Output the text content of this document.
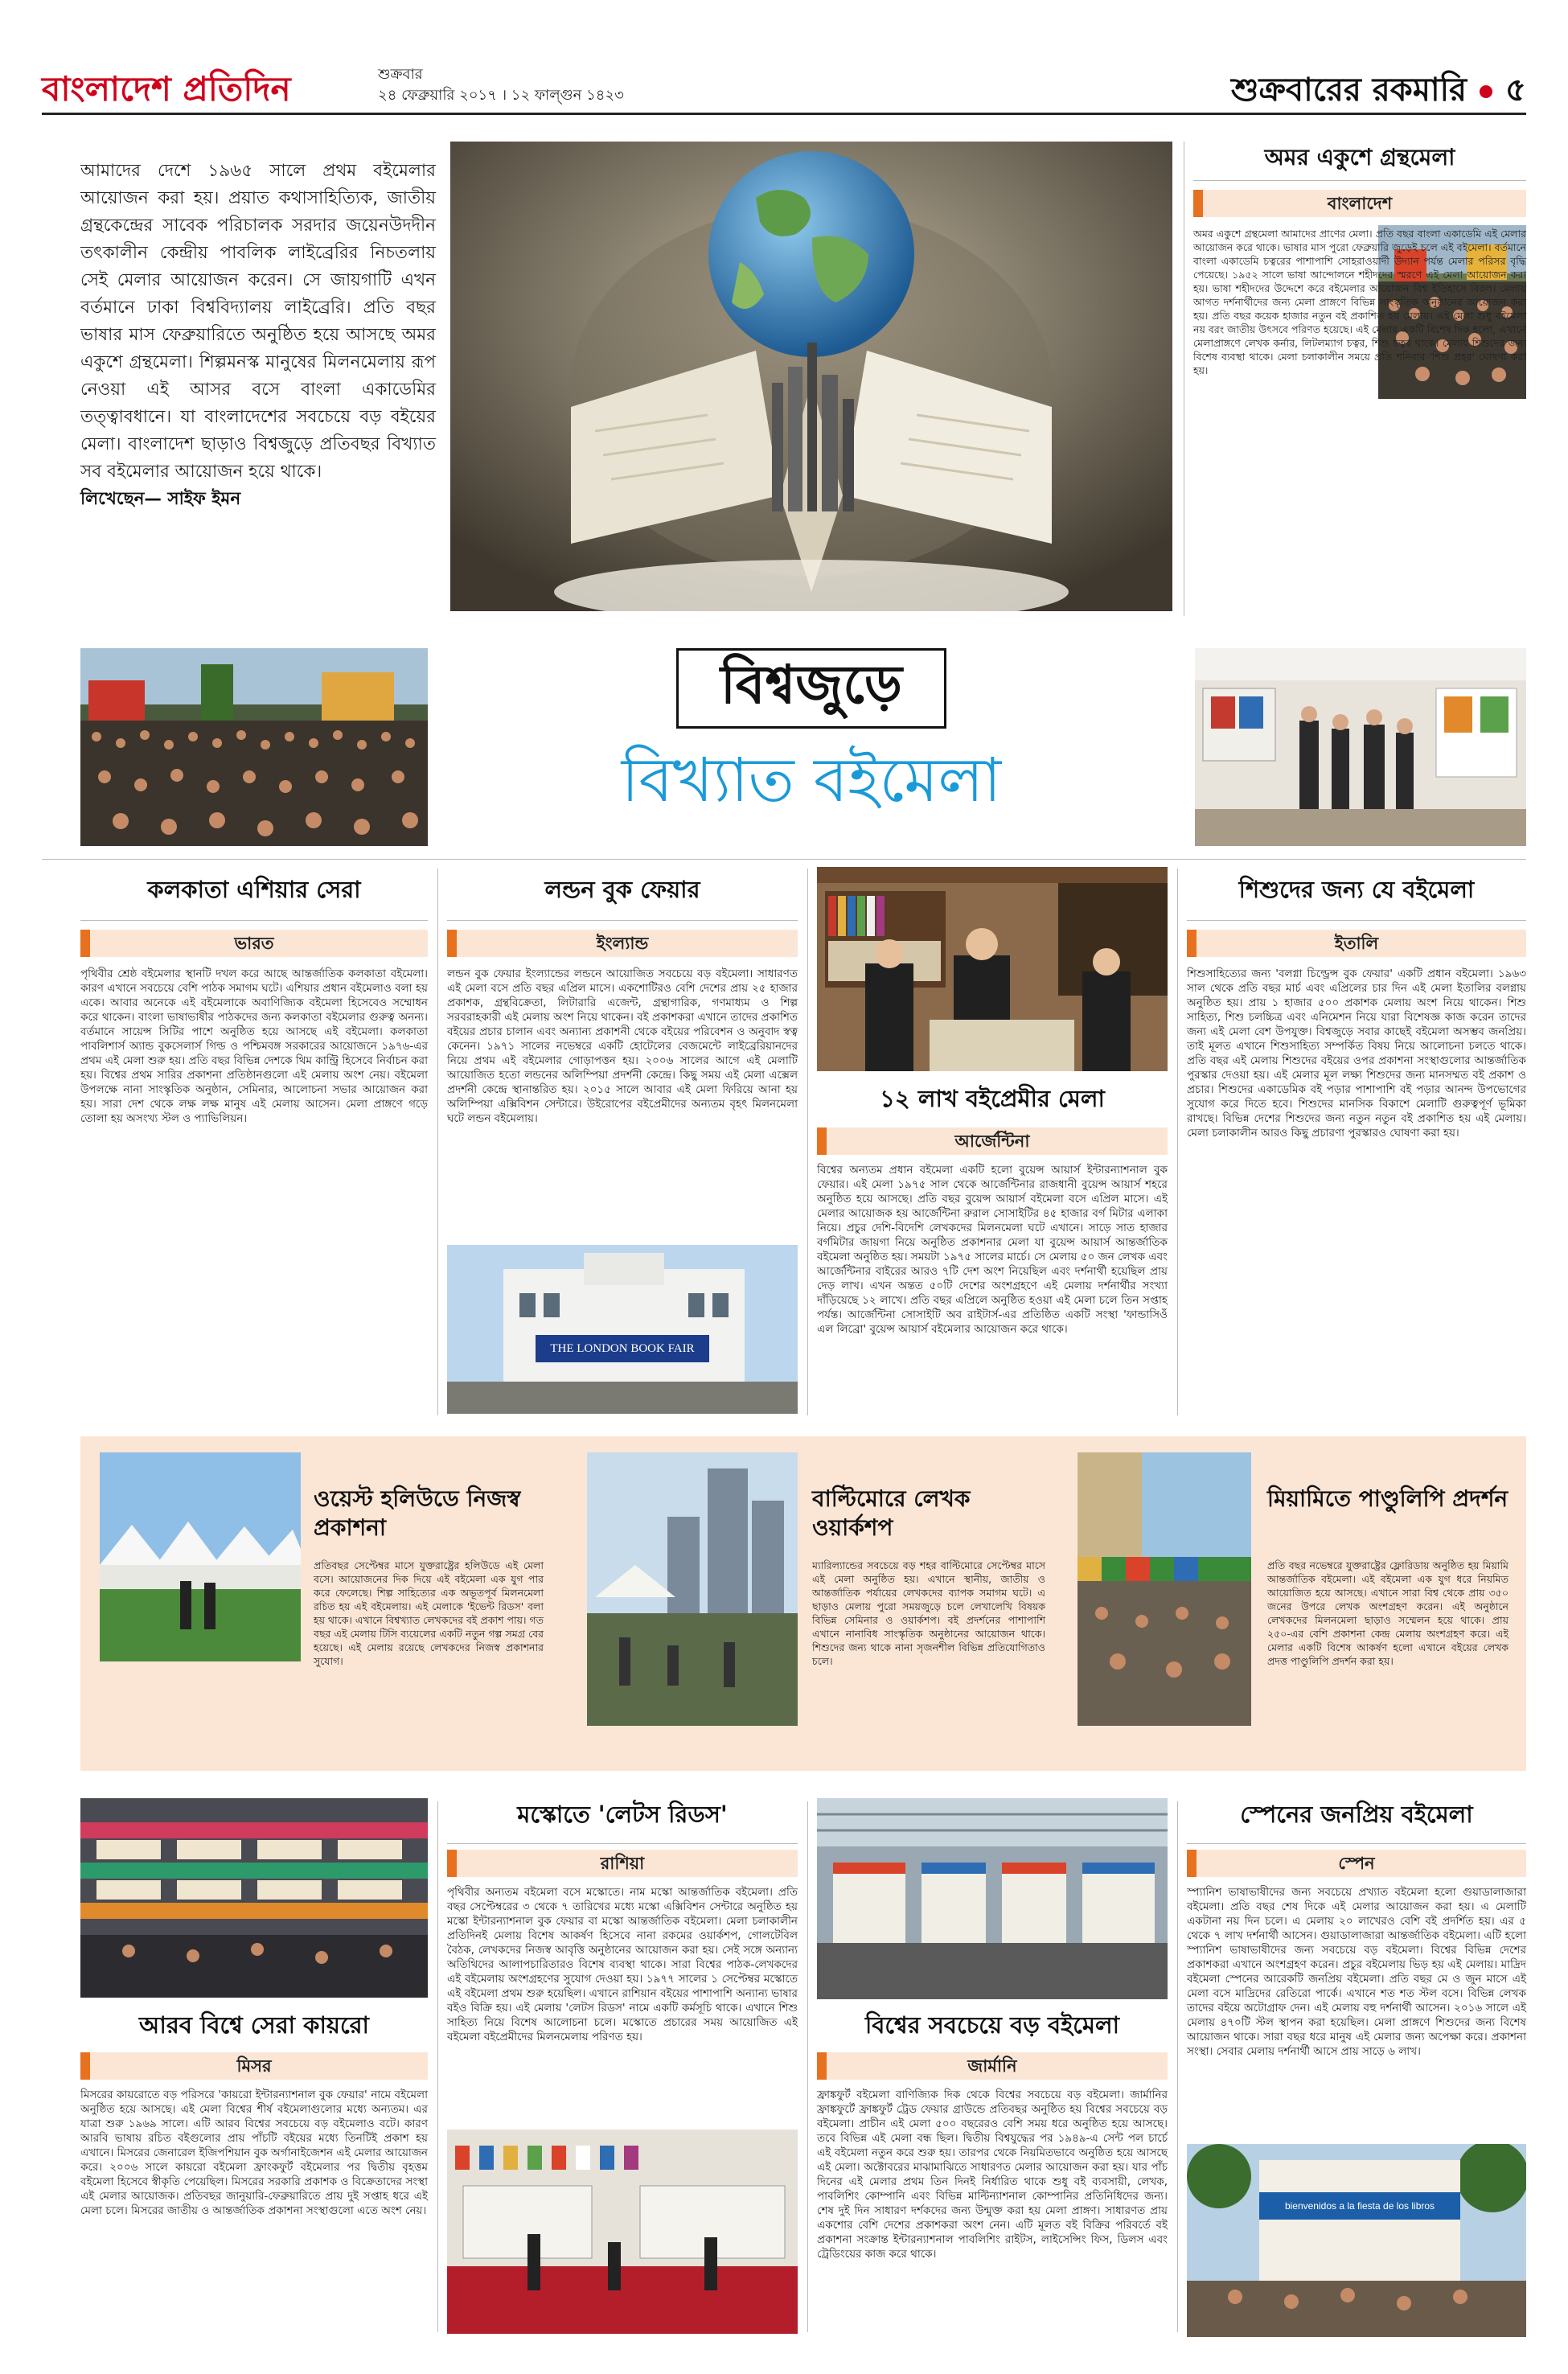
বাংলাদেশ প্রতিদিন	শুক্রবার
২৪ ফেব্রুয়ারি ২০১৭ । ১২ ফাল্গুন ১৪২৩	শুক্রবারের রকমারি ৫

আমাদের দেশে ১৯৬৫ সালে প্রথম বইমেলার আয়োজন করা হয়। প্রয়াত কথাসাহিত্যিক, জাতীয় গ্রন্থকেন্দ্রের সাবেক পরিচালক সরদার জয়েনউদদীন তৎকালীন কেন্দ্রীয় পাবলিক লাইব্রেরির নিচতলায় সেই মেলার আয়োজন করেন। সে জায়গাটি এখন বর্তমানে ঢাকা বিশ্ববিদ্যালয় লাইব্রেরি। প্রতি বছর ভাষার মাস ফেব্রুয়ারিতে অনুষ্ঠিত হয়ে আসছে অমর একুশে গ্রন্থমেলা। শিল্পমনস্ক মানুষের মিলনমেলায় রূপ নেওয়া এই আসর বসে বাংলা একাডেমির তত্ত্বাবধানে। যা বাংলাদেশের সবচেয়ে বড় বইয়ের মেলা। বাংলাদেশ ছাড়াও বিশ্বজুড়ে প্রতিবছর বিখ্যাত সব বইমেলার আয়োজন হয়ে থাকে।

লিখেছেন— সাইফ ইমন

অমর একুশে গ্রন্থমেলা
বাংলাদেশ

অমর একুশে গ্রন্থমেলা আমাদের প্রাণের মেলা। প্রতি বছর বাংলা একাডেমি এই মেলার আয়োজন করে থাকে। ভাষার মাস পুরো ফেব্রুয়ারি জুড়েই চলে এই বইমেলা। বর্তমানে বাংলা একাডেমি চত্বরের পাশাপাশি সোহরাওয়ার্দী উদ্যান পর্যন্ত মেলার পরিসর বৃদ্ধি পেয়েছে। ১৯৫২ সালে ভাষা আন্দোলনে শহীদদের স্মরণে এই মেলা আয়োজন করা হয়। ভাষা শহীদদের উদ্দেশে করে বইমেলার আয়োজন বিশ্ব ইতিহাসে বিরল। মেলায় আগত দর্শনার্থীদের জন্য মেলা প্রাঙ্গণে বিভিন্ন সাংস্কৃতিক অনুষ্ঠানের আয়োজন করা হয়। প্রতি বছর কয়েক হাজার নতুন বই প্রকাশিত হয় মেলায়। এই মেলা শুধু বইমেলা নয় বরং জাতীয় উৎসবে পরিণত হয়েছে। এই মেলার একটি বিশেষ দিক হলো, এখানে মেলাপ্রাঙ্গণে লেখক কর্নার, লিটলম্যাগ চত্বর, শিশু চত্বর থাকে। মেলায় শিশুদের জন্য বিশেষ ব্যবস্থা থাকে। মেলা চলাকালীন সময়ে প্রতি শনিবার 'শিশু প্রহর' ঘোষণা করা হয়।

বিশ্বজুড়ে
বিখ্যাত বইমেলা
কলকাতা এশিয়ার সেরা
ভারত

পৃথিবীর শ্রেষ্ঠ বইমেলার স্থানটি দখল করে আছে আন্তর্জাতিক কলকাতা বইমেলা। কারণ এখানে সবচেয়ে বেশি পাঠক সমাগম ঘটে। এশিয়ার প্রধান বইমেলাও বলা হয় একে। আবার অনেকে এই বইমেলাকে অবাণিজ্যিক বইমেলা হিসেবেও সম্মোধন করে থাকেন। বাংলা ভাষাভাষীর পাঠকদের জন্য কলকাতা বইমেলার গুরুত্ব অনন্য। বর্তমানে সায়েন্স সিটির পাশে অনুষ্ঠিত হয়ে আসছে এই বইমেলা। কলকাতা পাবলিশার্স অ্যান্ড বুকসেলার্স গিল্ড ও পশ্চিমবঙ্গ সরকারের আয়োজনে ১৯৭৬-এর প্রথম এই মেলা শুরু হয়। প্রতি বছর বিভিন্ন দেশকে থিম কান্ট্রি হিসেবে নির্বাচন করা হয়। বিশ্বের প্রথম সারির প্রকাশনা প্রতিষ্ঠানগুলো এই মেলায় অংশ নেয়। বইমেলা উপলক্ষে নানা সাংস্কৃতিক অনুষ্ঠান, সেমিনার, আলোচনা সভার আয়োজন করা হয়। সারা দেশ থেকে লক্ষ লক্ষ মানুষ এই মেলায় আসেন। মেলা প্রাঙ্গণে গড়ে তোলা হয় অসংখ্য স্টল ও প্যাভিলিয়ন।

লন্ডন বুক ফেয়ার
ইংল্যান্ড

লন্ডন বুক ফেয়ার ইংল্যান্ডের লন্ডনে আয়োজিত সবচেয়ে বড় বইমেলা। সাধারণত এই মেলা বসে প্রতি বছর এপ্রিল মাসে। একশোটিরও বেশি দেশের প্রায় ২৫ হাজার প্রকাশক, গ্রন্থবিক্রেতা, লিটারারি এজেন্ট, গ্রন্থাগারিক, গণমাধ্যম ও শিল্প সরবরাহকারী এই মেলায় অংশ নিয়ে থাকেন। বই প্রকাশকরা এখানে তাদের প্রকাশিত বইয়ের প্রচার চালান এবং অন্যান্য প্রকাশনী থেকে বইয়ের পরিবেশন ও অনুবাদ স্বত্ব কেনেন। ১৯৭১ সালের নভেম্বরে একটি হোটেলের বেজমেন্টে লাইব্রেরিয়ানদের নিয়ে প্রথম এই বইমেলার গোড়াপত্তন হয়। ২০০৬ সালের আগে এই মেলাটি আয়োজিত হতো লন্ডনের অলিম্পিয়া প্রদর্শনী কেন্দ্রে। কিছু সময় এই মেলা এক্সেল প্রদর্শনী কেন্দ্রে স্থানান্তরিত হয়। ২০১৫ সালে আবার এই মেলা ফিরিয়ে আনা হয় অলিম্পিয়া এক্সিবিশন সেন্টারে। উইরোপের বইপ্রেমীদের অন্যতম বৃহৎ মিলনমেলা ঘটে লন্ডন বইমেলায়।

THE LONDON BOOK FAIR
১২ লাখ বইপ্রেমীর মেলা
আর্জেন্টিনা

বিশ্বের অন্যতম প্রধান বইমেলা একটি হলো বুয়েন্স আয়ার্স ইন্টারন্যাশনাল বুক ফেয়ার। এই মেলা ১৯৭৫ সাল থেকে আর্জেন্টিনার রাজধানী বুয়েন্স আয়ার্স শহরে অনুষ্ঠিত হয়ে আসছে। প্রতি বছর বুয়েন্স আয়ার্স বইমেলা বসে এপ্রিল মাসে। এই মেলার আয়োজক হয় আর্জেন্টিনা রুরাল সোসাইটির ৪৫ হাজার বর্গ মিটার এলাকা নিয়ে। প্রচুর দেশি-বিদেশি লেখকদের মিলনমেলা ঘটে এখানে। সাড়ে সাত হাজার বর্গমিটার জায়গা নিয়ে অনুষ্ঠিত প্রকাশনার মেলা যা বুয়েন্স আয়ার্স আন্তর্জাতিক বইমেলা অনুষ্ঠিত হয়। সময়টা ১৯৭৫ সালের মার্চে। সে মেলায় ৫০ জন লেখক এবং আর্জেন্টিনার বাইরের আরও ৭টি দেশ অংশ নিয়েছিল এবং দর্শনার্থী হয়েছিল প্রায় দেড় লাখ। এখন অন্তত ৫০টি দেশের অংশগ্রহণে এই মেলায় দর্শনার্থীর সংখ্যা দাঁড়িয়েছে ১২ লাখে। প্রতি বছর এপ্রিলে অনুষ্ঠিত হওয়া এই মেলা চলে তিন সপ্তাহ পর্যন্ত। আর্জেন্টিনা সোসাইটি অব রাইটার্স-এর প্রতিষ্ঠিত একটি সংস্থা 'ফান্ডাসিওঁ এল লিব্রো' বুয়েন্স আয়ার্স বইমেলার আয়োজন করে থাকে।

শিশুদের জন্য যে বইমেলা
ইতালি

শিশুসাহিত্যের জন্য 'বলগ্না চিল্ড্রেন্স বুক ফেয়ার' একটি প্রধান বইমেলা। ১৯৬৩ সাল থেকে প্রতি বছর মার্চ এবং এপ্রিলের চার দিন এই মেলা ইতালির বলগ্নায় অনুষ্ঠিত হয়। প্রায় ১ হাজার ৫০০ প্রকাশক মেলায় অংশ নিয়ে থাকেন। শিশু সাহিত্য, শিশু চলচ্চিত্র এবং এনিমেশন নিয়ে যারা বিশেষজ্ঞ কাজ করেন তাদের জন্য এই মেলা বেশ উপযুক্ত। বিশ্বজুড়ে সবার কাছেই বইমেলা অসম্ভব জনপ্রিয়। তাই মূলত এখানে শিশুসাহিত্য সম্পর্কিত বিষয় নিয়ে আলোচনা চলতে থাকে। প্রতি বছর এই মেলায় শিশুদের বইয়ের ওপর প্রকাশনা সংস্থাগুলোর আন্তর্জাতিক পুরস্কার দেওয়া হয়। এই মেলার মূল লক্ষ্য শিশুদের জন্য মানসম্মত বই প্রকাশ ও প্রচার। শিশুদের একাডেমিক বই পড়ার পাশাপাশি বই পড়ার আনন্দ উপভোগের সুযোগ করে দিতে হবে। শিশুদের মানসিক বিকাশে মেলাটি গুরুত্বপূর্ণ ভূমিকা রাখছে। বিভিন্ন দেশের শিশুদের জন্য নতুন নতুন বই প্রকাশিত হয় এই মেলায়। মেলা চলাকালীন আরও কিছু প্রচারণা পুরস্কারও ঘোষণা করা হয়।

ওয়েস্ট হলিউডে নিজস্ব প্রকাশনা

প্রতিবছর সেপ্টেম্বর মাসে যুক্তরাষ্ট্রের হলিউডে এই মেলা বসে। আয়োজনের দিক দিয়ে এই বইমেলা এক যুগ পার করে ফেলেছে। শিল্প সাহিত্যের এক অভূতপূর্ব মিলনমেলা রচিত হয় এই বইমেলায়। এই মেলাকে 'ইভেন্ট রিডস' বলা হয় থাকে। এখানে বিশ্বখ্যাত লেখকদের বই প্রকাশ পায়। গত বছর এই মেলায় টিসি ব্যয়েলের একটি নতুন গল্প সমগ্র বের হয়েছে। এই মেলায় রয়েছে লেখকদের নিজস্ব প্রকাশনার সুযোগ।

বাল্টিমোরে লেখক ওয়ার্কশপ

ম্যারিল্যান্ডের সবচেয়ে বড় শহর বাল্টিমোরে সেপ্টেম্বর মাসে এই মেলা অনুষ্ঠিত হয়। এখানে স্থানীয়, জাতীয় ও আন্তর্জাতিক পর্যায়ের লেখকদের ব্যাপক সমাগম ঘটে। এ ছাড়াও মেলায় পুরো সময়জুড়ে চলে লেখালেখি বিষয়ক বিভিন্ন সেমিনার ও ওয়ার্কশপ। বই প্রদর্শনের পাশাপাশি এখানে নানাবিধ সাংস্কৃতিক অনুষ্ঠানের আয়োজন থাকে। শিশুদের জন্য থাকে নানা সৃজনশীল বিভিন্ন প্রতিযোগিতাও চলে।

মিয়ামিতে পাণ্ডুলিপি প্রদর্শন

প্রতি বছর নভেম্বরে যুক্তরাষ্ট্রের ফ্লোরিডায় অনুষ্ঠিত হয় মিয়ামি আন্তর্জাতিক বইমেলা। এই বইমেলা এক যুগ ধরে নিয়মিত আয়োজিত হয়ে আসছে। এখানে সারা বিশ্ব থেকে প্রায় ৩৫০ জনের উপরে লেখক অংশগ্রহণ করেন। এই অনুষ্ঠানে লেখকদের মিলনমেলা ছাড়াও সম্মেলন হয়ে থাকে। প্রায় ২৫০-এর বেশি প্রকাশনা কেন্দ্র মেলায় অংশগ্রহণ করে। এই মেলার একটি বিশেষ আকর্ষণ হলো এখানে বইয়ের লেখক প্রদত্ত পাণ্ডুলিপি প্রদর্শন করা হয়।

আরব বিশ্বে সেরা কায়রো
মিসর

মিসরের কায়রোতে বড় পরিসরে 'কায়রো ইন্টারন্যাশনাল বুক ফেয়ার' নামে বইমেলা অনুষ্ঠিত হয়ে আসছে। এই মেলা বিশ্বের শীর্ষ বইমেলাগুলোর মধ্যে অন্যতম। এর যাত্রা শুরু ১৯৬৯ সালে। এটি আরব বিশ্বের সবচেয়ে বড় বইমেলাও বটে। কারণ আরবি ভাষায় রচিত বইগুলোর প্রায় পাঁচটি বইয়ের মধ্যে তিনটিই প্রকাশ হয় এখানে। মিসরের জেনারেল ইজিপশিয়ান বুক অর্গানাইজেশন এই মেলার আয়োজন করে। ২০০৬ সালে কায়রো বইমেলা ফ্রাংকফুর্ট বইমেলার পর দ্বিতীয় বৃহত্তম বইমেলা হিসেবে স্বীকৃতি পেয়েছিল। মিসরের সরকারি প্রকাশক ও বিক্রেতাদের সংস্থা এই মেলার আয়োজক। প্রতিবছর জানুয়ারি-ফেব্রুয়ারিতে প্রায় দুই সপ্তাহ ধরে এই মেলা চলে। মিসরের জাতীয় ও আন্তর্জাতিক প্রকাশনা সংস্থাগুলো এতে অংশ নেয়।

মস্কোতে 'লেটস রিডস'
রাশিয়া

পৃথিবীর অন্যতম বইমেলা বসে মস্কোতে। নাম মস্কো আন্তর্জাতিক বইমেলা। প্রতি বছর সেপ্টেম্বরের ৩ থেকে ৭ তারিখের মধ্যে মস্কো এক্সিবিশন সেন্টারে অনুষ্ঠিত হয় মস্কো ইন্টারন্যাশনাল বুক ফেয়ার বা মস্কো আন্তর্জাতিক বইমেলা। মেলা চলাকালীন প্রতিদিনই মেলায় বিশেষ আকর্ষণ হিসেবে নানা রকমের ওয়ার্কশপ, গোলটেবিল বৈঠক, লেখকদের নিজস্ব আবৃত্তি অনুষ্ঠানের আয়োজন করা হয়। সেই সঙ্গে অন্যান্য অতিথিদের আলাপচারিতারও বিশেষ ব্যবস্থা থাকে। সারা বিশ্বের পাঠক-লেখকদের এই বইমেলায় অংশগ্রহণের সুযোগ দেওয়া হয়। ১৯৭৭ সালের ১ সেপ্টেম্বর মস্কোতে এই বইমেলা প্রথম শুরু হয়েছিল। এখানে রাশিয়ান বইয়ের পাশাপাশি অন্যান্য ভাষার বইও বিক্রি হয়। এই মেলায় 'লেটস রিডস' নামে একটি কর্মসূচি থাকে। এখানে শিশু সাহিত্য নিয়ে বিশেষ আলোচনা চলে। মস্কোতে প্রচারের সময় আয়োজিত এই বইমেলা বইপ্রেমীদের মিলনমেলায় পরিণত হয়।	বিশ্বের সবচেয়ে বড় বইমেলা
জার্মানি

ফ্রাঙ্কফুর্ট বইমেলা বাণিজ্যিক দিক থেকে বিশ্বের সবচেয়ে বড় বইমেলা। জার্মানির ফ্রাঙ্কফুর্টে ফ্রাঙ্কফুর্ট ট্রেড ফেয়ার গ্রাউন্ডে প্রতিবছর অনুষ্ঠিত হয় বিশ্বের সবচেয়ে বড় বইমেলা। প্রাচীন এই মেলা ৫০০ বছরেরও বেশি সময় ধরে অনুষ্ঠিত হয়ে আসছে। তবে বিভিন্ন এই মেলা বন্ধ ছিল। দ্বিতীয় বিশ্বযুদ্ধের পর ১৯৪৯-এ সেন্ট পল চার্চে এই বইমেলা নতুন করে শুরু হয়। তারপর থেকে নিয়মিতভাবে অনুষ্ঠিত হয়ে আসছে এই মেলা। অক্টোবরের মাঝামাঝিতে সাধারণত মেলার আয়োজন করা হয়। যার পাঁচ দিনের এই মেলার প্রথম তিন দিনই নির্ধারিত থাকে শুধু বই ব্যবসায়ী, লেখক, পাবলিশিং কোম্পানি এবং বিভিন্ন মাল্টিন্যাশনাল কোম্পানির প্রতিনিধিদের জন্য। শেষ দুই দিন সাধারণ দর্শকদের জন্য উন্মুক্ত করা হয় মেলা প্রাঙ্গণ। সাধারণত প্রায় একশোর বেশি দেশের প্রকাশকরা অংশ নেন। এটি মূলত বই বিক্রির পরিবর্তে বই প্রকাশনা সংক্রান্ত ইন্টারন্যাশনাল পাবলিশিং রাইটস, লাইসেন্সিং ফিস, ডিলস এবং ট্রেডিংয়ের কাজ করে থাকে।

স্পেনের জনপ্রিয় বইমেলা
স্পেন

স্প্যানিশ ভাষাভাষীদের জন্য সবচেয়ে প্রখ্যাত বইমেলা হলো গুয়াডালাজারা বইমেলা। প্রতি বছর শেষ দিকে এই মেলার আয়োজন করা হয়। এ মেলাটি একটানা নয় দিন চলে। এ মেলায় ২০ লাখেরও বেশি বই প্রদর্শিত হয়। এর ৫ থেকে ৭ লাখ দর্শনার্থী আসেন। গুয়াডালাজারা আন্তর্জাতিক বইমেলা। এটি হলো স্প্যানিশ ভাষাভাষীদের জন্য সবচেয়ে বড় বইমেলা। বিশ্বের বিভিন্ন দেশের প্রকাশকরা এখানে অংশগ্রহণ করেন। প্রচুর বইমেলায় ভিড় হয় এই মেলায়। মাদ্রিদ বইমেলা স্পেনের আরেকটি জনপ্রিয় বইমেলা। প্রতি বছর মে ও জুন মাসে এই মেলা বসে মাদ্রিদের রেতিরো পার্কে। এখানে শত শত স্টল বসে। বিভিন্ন লেখক তাদের বইয়ে অটোগ্রাফ দেন। এই মেলায় বহু দর্শনার্থী আসেন। ২০১৬ সালে এই মেলায় ৪৭০টি স্টল স্থাপন করা হয়েছিল। মেলা প্রাঙ্গণে শিশুদের জন্য বিশেষ আয়োজন থাকে। সারা বছর ধরে মানুষ এই মেলার জন্য অপেক্ষা করে। প্রকাশনা সংস্থা। সেবার মেলায় দর্শনার্থী আসে প্রায় সাড়ে ৬ লাখ।

bienvenidos a la fiesta de los libros
